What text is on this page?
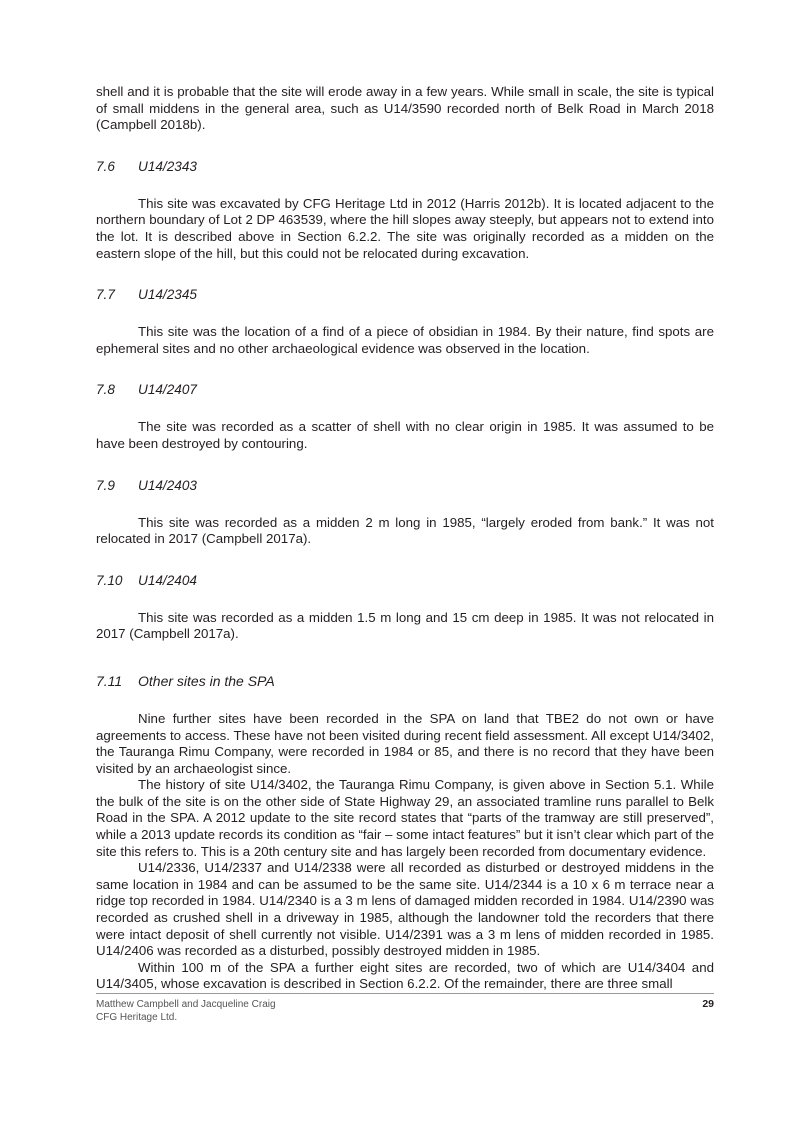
shell and it is probable that the site will erode away in a few years. While small in scale, the site is typical of small middens in the general area, such as U14/3590 recorded north of Belk Road in March 2018 (Campbell 2018b).

7.6 U14/2343

This site was excavated by CFG Heritage Ltd in 2012 (Harris 2012b). It is located adjacent to the northern boundary of Lot 2 DP 463539, where the hill slopes away steeply, but appears not to extend into the lot. It is described above in Section 6.2.2. The site was originally recorded as a midden on the eastern slope of the hill, but this could not be relocated during excavation.

7.7 U14/2345

This site was the location of a find of a piece of obsidian in 1984. By their nature, find spots are ephemeral sites and no other archaeological evidence was observed in the location.

7.8 U14/2407

The site was recorded as a scatter of shell with no clear origin in 1985. It was assumed to be have been destroyed by contouring.

7.9 U14/2403

This site was recorded as a midden 2 m long in 1985, “largely eroded from bank.” It was not relocated in 2017 (Campbell 2017a).

7.10 U14/2404

This site was recorded as a midden 1.5 m long and 15 cm deep in 1985. It was not relocated in 2017 (Campbell 2017a).

7.11 Other sites in the SPA

Nine further sites have been recorded in the SPA on land that TBE2 do not own or have agreements to access. These have not been visited during recent field assessment. All except U14/3402, the Tauranga Rimu Company, were recorded in 1984 or 85, and there is no record that they have been visited by an archaeologist since.

The history of site U14/3402, the Tauranga Rimu Company, is given above in Section 5.1. While the bulk of the site is on the other side of State Highway 29, an associated tramline runs parallel to Belk Road in the SPA. A 2012 update to the site record states that “parts of the tramway are still preserved”, while a 2013 update records its condition as “fair – some intact features” but it isn’t clear which part of the site this refers to. This is a 20th century site and has largely been recorded from documentary evidence.

U14/2336, U14/2337 and U14/2338 were all recorded as disturbed or destroyed middens in the same location in 1984 and can be assumed to be the same site. U14/2344 is a 10 x 6 m terrace near a ridge top recorded in 1984. U14/2340 is a 3 m lens of damaged midden recorded in 1984. U14/2390 was recorded as crushed shell in a driveway in 1985, although the landowner told the recorders that there were intact deposit of shell currently not visible. U14/2391 was a 3 m lens of midden recorded in 1985. U14/2406 was recorded as a disturbed, possibly destroyed midden in 1985.

Within 100 m of the SPA a further eight sites are recorded, two of which are U14/3404 and U14/3405, whose excavation is described in Section 6.2.2. Of the remainder, there are three small

Matthew Campbell and Jacqueline Craig
CFG Heritage Ltd.
29
